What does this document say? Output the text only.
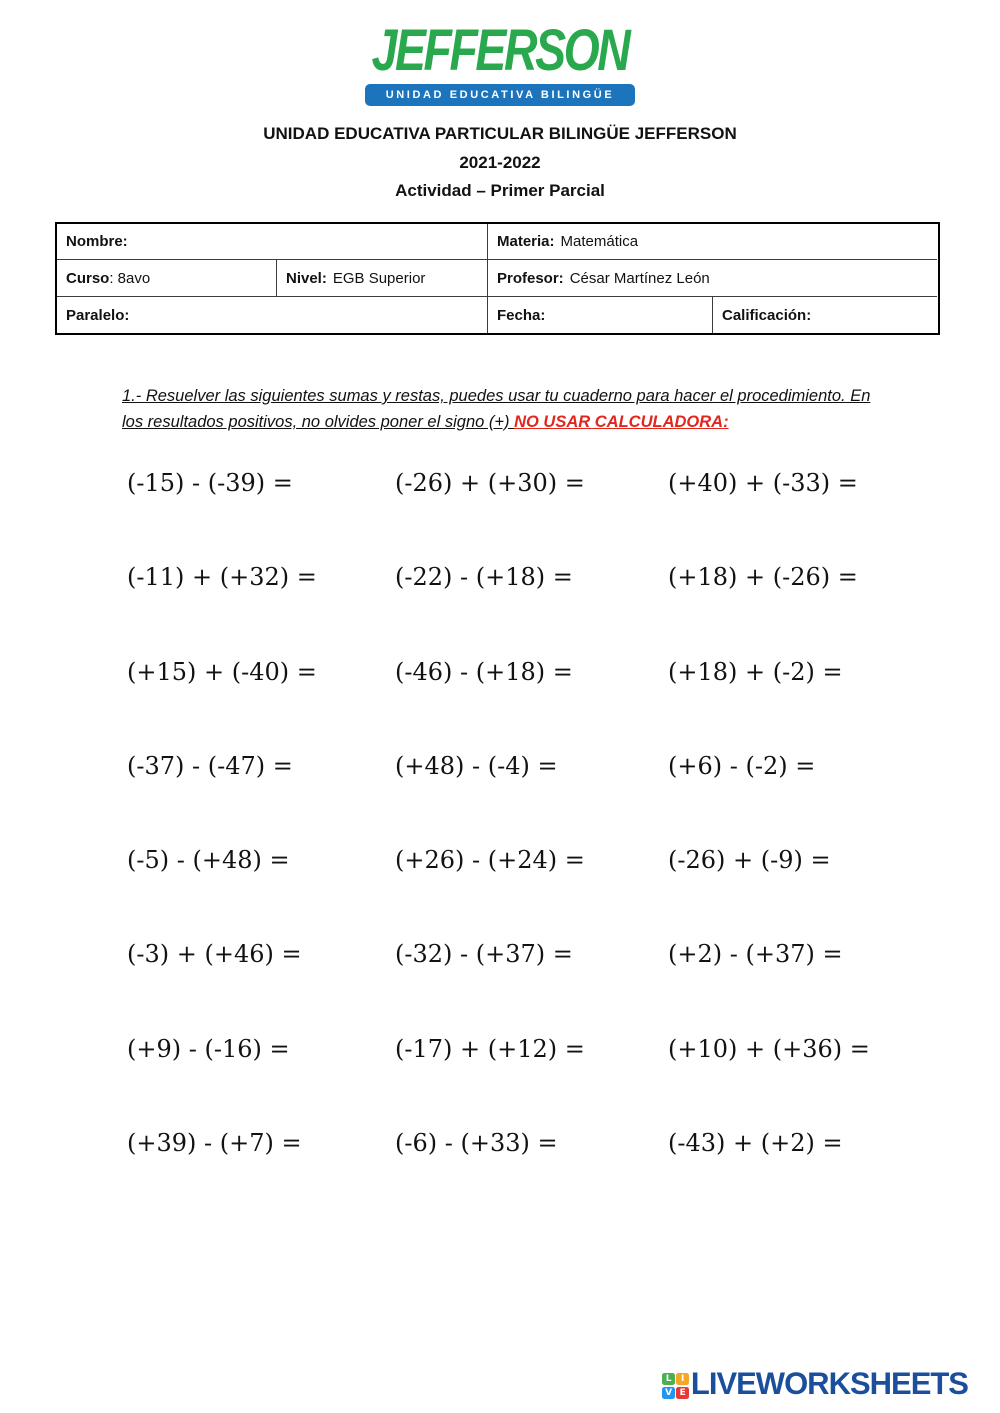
JEFFERSON
UNIDAD EDUCATIVA BILINGÜE
UNIDAD EDUCATIVA PARTICULAR BILINGÜE JEFFERSON
2021-2022
Actividad – Primer Parcial
Nombre:	Materia: Matemática
Curso : 8avo	Nivel: EGB Superior	Profesor: César Martínez León
Paralelo:	Fecha:	Calificación:
1.- Resuelver las siguientes sumas y restas, puedes usar tu cuaderno para hacer el procedimiento. En los resultados positivos, no olvides poner el signo (+) NO USAR CALCULADORA:
(-15) - (-39) =	(-26) + (+30) =	(+40) + (-33) =
(-11) + (+32) =	(-22) - (+18) =	(+18) + (-26) =
(+15) + (-40) =	(-46) - (+18) =	(+18) + (-2) =
(-37) - (-47) =	(+48) - (-4) =	(+6) - (-2) =
(-5) - (+48) =	(+26) - (+24) =	(-26) + (-9) =
(-3) + (+46) =	(-32) - (+37) =	(+2) - (+37) =
(+9) - (-16) =	(-17) + (+12) =	(+10) + (+36) =
(+39) - (+7) =	(-6) - (+33) =	(-43) + (+2) =
L	I
V E LIVEWORKSHEETS
